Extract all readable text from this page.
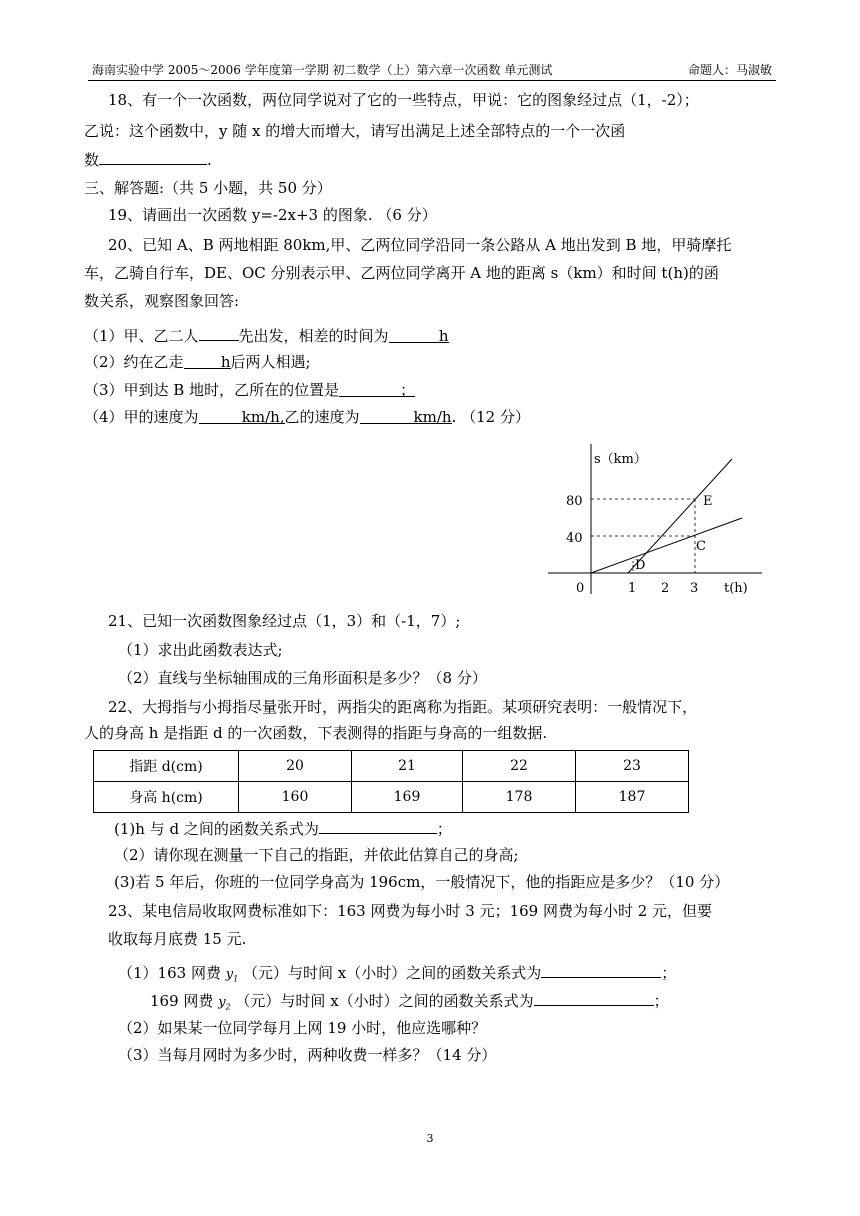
海南实验中学 2005～2006 学年度第一学期 初二数学（上）第六章一次函数 单元测试	命题人：马淑敏
18、有一个一次函数，两位同学说对了它的一些特点，甲说：它的图象经过点（1，-2）；
乙说：这个函数中，y 随 x 的增大而增大，请写出满足上述全部特点的一个一次函
数	.
三、解答题:（共 5 小题，共 50 分）
19、请画出一次函数 y=-2x+3 的图象. （6 分）
20、已知 A、B 两地相距 80km,甲、乙两位同学沿同一条公路从 A 地出发到 B 地，甲骑摩托
车，乙骑自行车，DE、OC 分别表示甲、乙两位同学离开 A 地的距离 s（km）和时间 t(h)的函
数关系，观察图象回答:
（1）甲、乙二人	先出发，相差的时间为	h
（2）约在乙走 h后两人相遇;
（3）甲到达 B 地时，乙所在的位置是	；
（4）甲的速度为	km/h,乙的速度为	km/h. （12 分）
s（km）
80
40
0	1 2 3 t(h)
E
C
D
21、已知一次函数图象经过点（1，3）和（-1，7）;
（1）求出此函数表达式;
（2）直线与坐标轴围成的三角形面积是多少？（8 分）
22、大拇指与小拇指尽量张开时，两指尖的距离称为指距。某项研究表明：一般情况下，
人的身高 h 是指距 d 的一次函数，下表测得的指距与身高的一组数据.
指距 d(cm)	20	21	22	23
身高 h(cm)	160	169	178	187
(1)h 与 d 之间的函数关系式为	；
（2）请你现在测量一下自己的指距，并依此估算自己的身高;
(3)若 5 年后，你班的一位同学身高为 196cm，一般情况下，他的指距应是多少？（10 分）
23、某电信局收取网费标准如下：163 网费为每小时 3 元；169 网费为每小时 2 元，但要
收取每月底费 15 元.
（1）163 网费 $y_1$ （元）与时间 x（小时）之间的函数关系式为	；
169 网费 $y_2$ （元）与时间 x（小时）之间的函数关系式为	；
（2）如果某一位同学每月上网 19 小时，他应选哪种？
（3）当每月网时为多少时，两种收费一样多？（14 分）
3
